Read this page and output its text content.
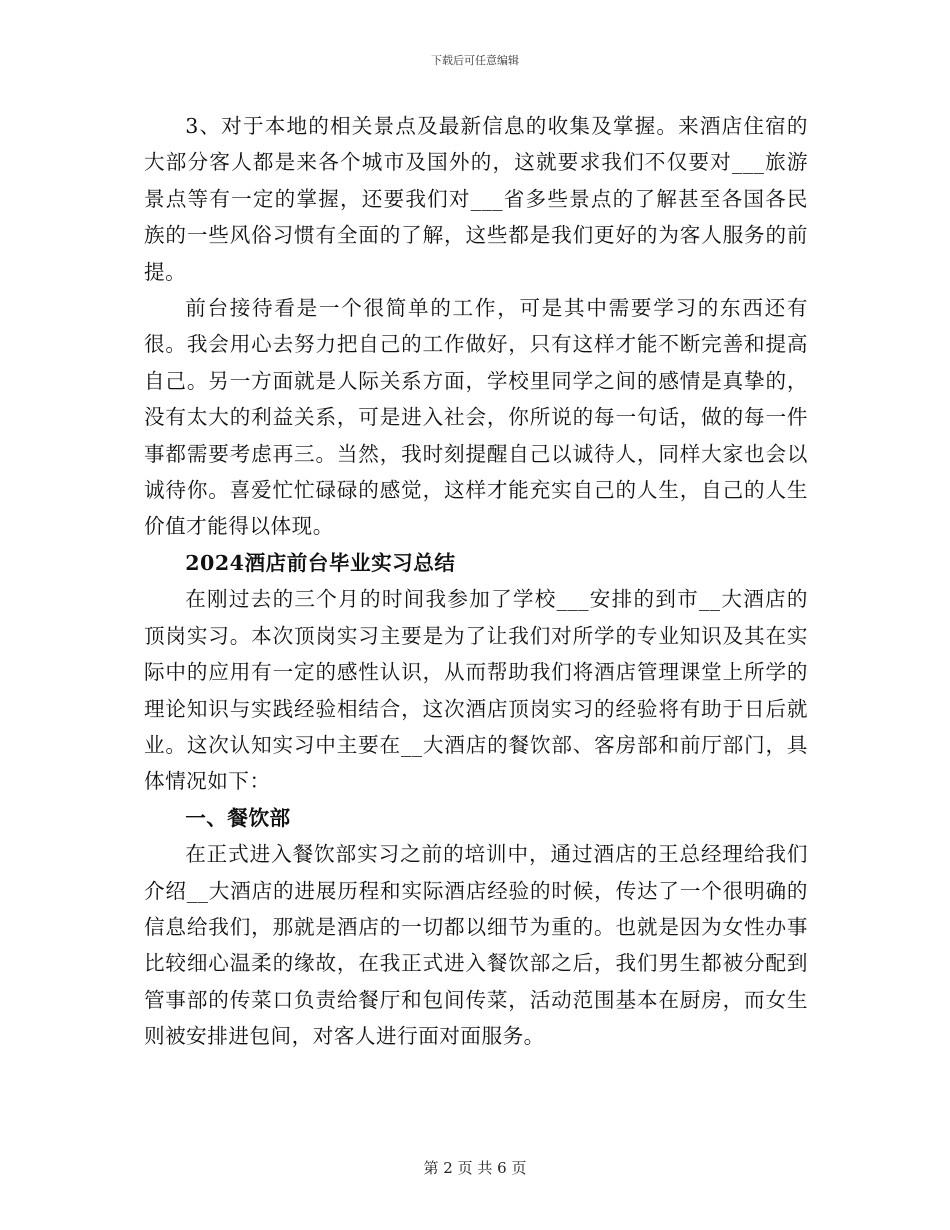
下载后可任意编辑

3、对于本地的相关景点及最新信息的收集及掌握。来酒店住宿的大部分客人都是来各个城市及国外的，这就要求我们不仅要对___旅游景点等有一定的掌握，还要我们对___省多些景点的了解甚至各国各民族的一些风俗习惯有全面的了解，这些都是我们更好的为客人服务的前提。

前台接待看是一个很简单的工作，可是其中需要学习的东西还有很。我会用心去努力把自己的工作做好，只有这样才能不断完善和提高自己。另一方面就是人际关系方面，学校里同学之间的感情是真挚的，没有太大的利益关系，可是进入社会，你所说的每一句话，做的每一件事都需要考虑再三。当然，我时刻提醒自己以诚待人，同样大家也会以诚待你。喜爱忙忙碌碌的感觉，这样才能充实自己的人生，自己的人生价值才能得以体现。

2024酒店前台毕业实习总结

在刚过去的三个月的时间我参加了学校___安排的到市__大酒店的顶岗实习。本次顶岗实习主要是为了让我们对所学的专业知识及其在实际中的应用有一定的感性认识，从而帮助我们将酒店管理课堂上所学的理论知识与实践经验相结合，这次酒店顶岗实习的经验将有助于日后就业。这次认知实习中主要在__大酒店的餐饮部、客房部和前厅部门，具体情况如下：

一、餐饮部

在正式进入餐饮部实习之前的培训中，通过酒店的王总经理给我们介绍__大酒店的进展历程和实际酒店经验的时候，传达了一个很明确的信息给我们，那就是酒店的一切都以细节为重的。也就是因为女性办事比较细心温柔的缘故，在我正式进入餐饮部之后，我们男生都被分配到管事部的传菜口负责给餐厅和包间传菜，活动范围基本在厨房，而女生则被安排进包间，对客人进行面对面服务。

第 2 页 共 6 页
